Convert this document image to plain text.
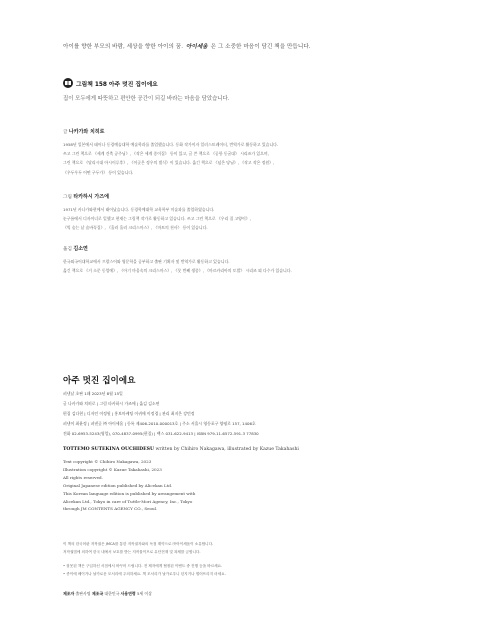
아이를 향한 부모의 바람, 세상을 향한 아이의 꿈. 아이세움 은 그 소중한 마음이 담긴 책을 만듭니다.
그림책 158 아주 멋진 집이에요
집이 모두에게 따뜻하고 편안한 공간이 되길 바라는 마음을 담았습니다.
글 나카가와 치히로
1958년 일본에서 태어나 동경예술대학 예술학과를 졸업했습니다. 동화 작가이자 일러스트레이터, 번역가로 활동하고 있습니다.
쓰고 그린 책으로 《세계 건축 공주님》, 《작은 세계 종이집》 등이 있고, 글 쓴 책으로 《공항 동굴대》 시리즈가 있으며,
그린 책으로 《달리시대 아시이루후》, 《이곳은 정우의 별식》이 있습니다. 옮긴 책으로 《넘은 당님》, 《작고 작은 정원》,
《우두우두 어떤 구두가》 등이 있습니다.
그림 타카하시 가즈에
1971년 카나가와현에서 태어났습니다. 동경학예대학 교육학부 미술과를 졸업하였습니다.
눈구름에서 디자이너로 일했고 현재는 그림책 작가로 활동하고 있습니다. 쓰고 그린 책으로 《우리 집 고양이》,
《빅 숨는 날 숨바꼭질》, 《흘러 흘러 크리스마스》, 《마트의 천사》 등이 있습니다.
옮김 김소연
한국외국어대학교에서 프랑스어와 영문학을 공부하고 출판 기획자 및 번역가로 활동하고 있습니다.
옮긴 책으로 《거 소문 동업에》, 《아기 마음속의 크리스마스》, 《못 번째 생종》, 《마르카리아의 토발》 시리즈 외 다수가 있습니다.
아주 멋진 집이에요
펴낸날 초판 1쇄 2023년 8월 15일
글 나카가와 치히로 | 그림 타카하시 가즈에 | 옮김 김소연
편집 김다현 | 디자인 이정원 | 홍보마케팅 이귀애 이정경 | 관리 최지은 강민정
펴낸이 최윤정 | 펴낸곳 ㈜ 아이세움 | 등록 제406-2010-000013호 | 주소 서울시 영등포구 양평로 157, 1406호
전화 02-6953-5243(영업), 070-4837-0995(편집) | 팩스 031-622-9413 | ISBN 979-11-6572-591-3 77830
TOTTEMO SUTEKINA OUCHIDESU written by Chihiro Nakagawa, illustrated by Kazue Takahashi
Text copyright © Chihiro Nakagawa, 2023
Illustration copyright © Kazue Takahashi, 2023
All rights reserved.
Original Japanese edition published by Alicekan Ltd.
This Korean language edition is published by arrangement with
Alicekan Ltd., Tokyo in care of Tuttle-Mori Agency, Inc., Tokyo
through JM CONTENTS AGENCY CO., Seoul.
이 책의 한국어판 저작권은 JMCA를 통한 저작권자와의 독점 계약으로 ㈜아이세움이 소유합니다.
저작권법에 의하여 한국 내에서 보호를 받는 저작물이므로 무단전재 및 복제를 금합니다.
• 잘못된 책은 구입하신 서점에서 바꾸어 드립니다. 전 제자에게 협정된 이벤트 중 진행 등을 바르세요.
• 종이에 베이거나 날카로운 모서리에 주의하세요. 책 모서리가 날카로우니 던지거나 떨어뜨리지 마세요.
제조자 출판사명 제조국 대한민국 사용연령 5세 이상
